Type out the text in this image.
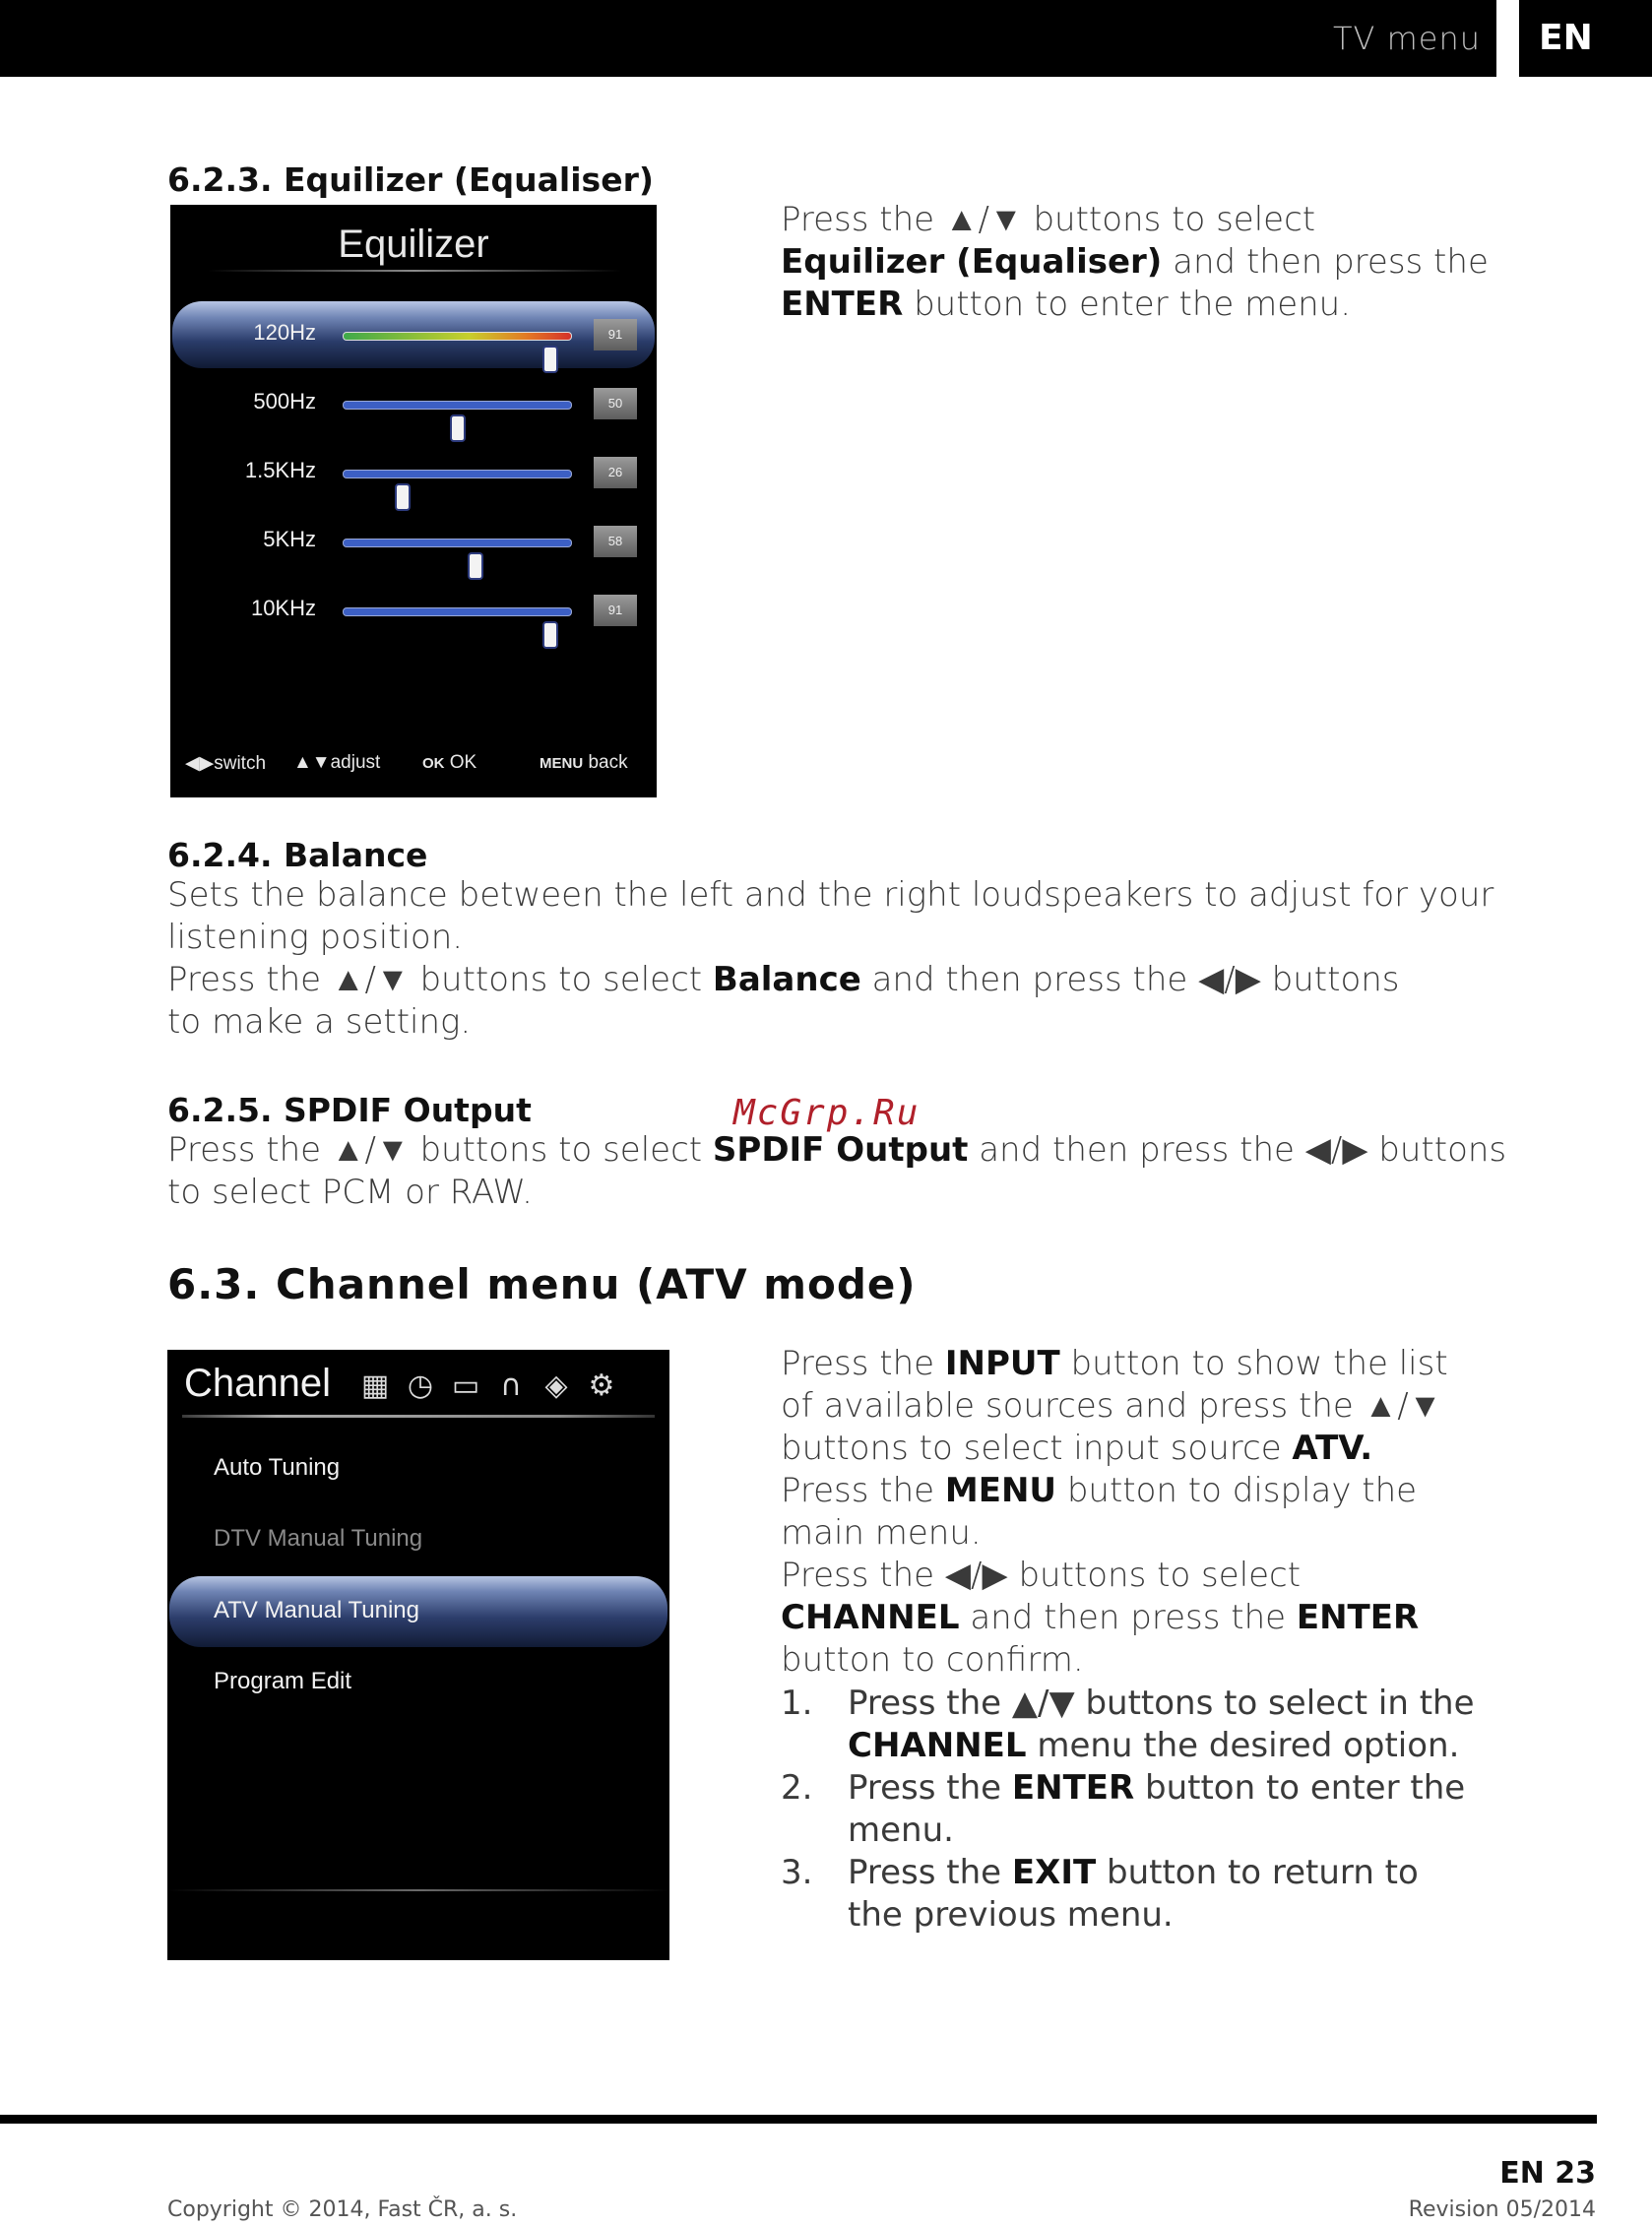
TV menu EN
6.2.3. Equilizer (Equaliser)
Equilizer
120Hz	91
500Hz	50
1.5KHz	26
5KHz	58
10KHz	91
◀▶switch ▲▼adjust	OK OK	MENU back
Press the ▲/▼ buttons to select Equilizer (Equaliser) and then press the ENTER button to enter the menu.
6.2.4. Balance
Sets the balance between the left and the right loudspeakers to adjust for your listening position.
Press the ▲/▼ buttons to select Balance and then press the ◀/▶ buttons to make a setting.
6.2.5. SPDIF Output	McGrp.Ru
Press the ▲/▼ buttons to select SPDIF Output and then press the ◀/▶ buttons to select PCM or RAW.
6.3. Channel menu (ATV mode)
Channel ▦ ◷ ▭ ∩ ◈ ⚙
Auto Tuning
DTV Manual Tuning
ATV Manual Tuning
Program Edit
Press the INPUT button to show the list of available sources and press the ▲/▼ buttons to select input source ATV.
Press the MENU button to display the main menu.
Press the ◀/▶ buttons to select CHANNEL and then press the ENTER button to confirm.
1. Press the ▲/▼ buttons to select in the CHANNEL menu the desired option.
2. Press the ENTER button to enter the menu.
3. Press the EXIT button to return to the previous menu.
EN 23
Copyright © 2014, Fast ČR, a. s.	Revision 05/2014
